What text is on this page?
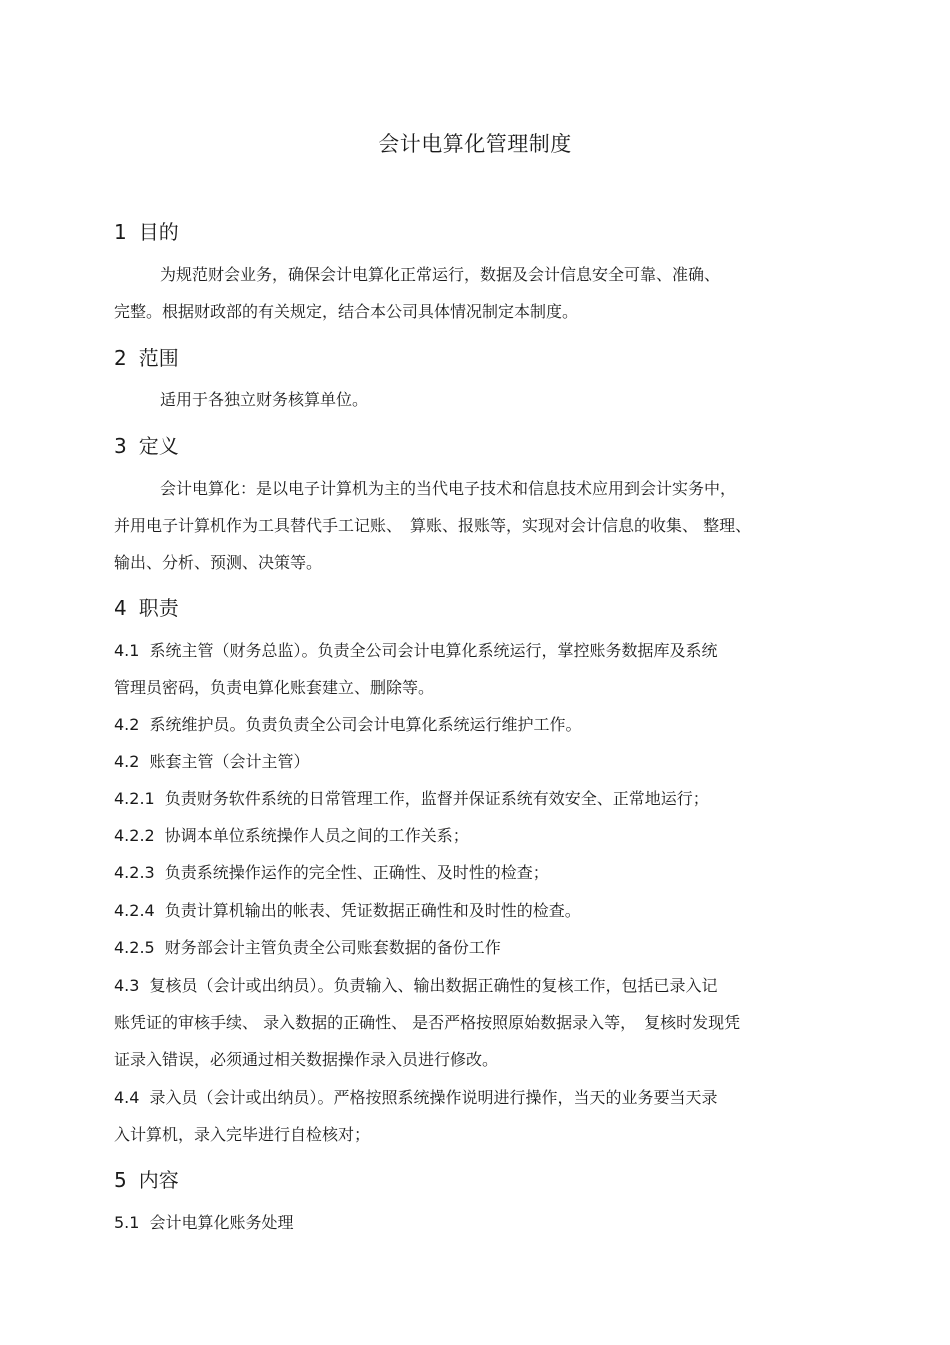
会计电算化管理制度
1 目的
为规范财会业务，确保会计电算化正常运行，数据及会计信息安全可靠、准确、
完整。根据财政部的有关规定，结合本公司具体情况制定本制度。
2 范围
适用于各独立财务核算单位。
3 定义
会计电算化：是以电子计算机为主的当代电子技术和信息技术应用到会计实务中，
并用电子计算机作为工具替代手工记账、　算账、报账等，实现对会计信息的收集、 整理、
输出、分析、预测、决策等。
4 职责
4.1 系统主管（财务总监）。负责全公司会计电算化系统运行，掌控账务数据库及系统
管理员密码，负责电算化账套建立、删除等。
4.2 系统维护员。负责负责全公司会计电算化系统运行维护工作。
4.2 账套主管（会计主管）
4.2.1 负责财务软件系统的日常管理工作，监督并保证系统有效安全、正常地运行；
4.2.2 协调本单位系统操作人员之间的工作关系；
4.2.3 负责系统操作运作的完全性、正确性、及时性的检查；
4.2.4 负责计算机输出的帐表、凭证数据正确性和及时性的检查。
4.2.5 财务部会计主管负责全公司账套数据的备份工作
4.3 复核员（会计或出纳员）。负责输入、输出数据正确性的复核工作，包括已录入记
账凭证的审核手续、 录入数据的正确性、 是否严格按照原始数据录入等，　复核时发现凭
证录入错误，必须通过相关数据操作录入员进行修改。
4.4 录入员（会计或出纳员）。严格按照系统操作说明进行操作，当天的业务要当天录
入计算机，录入完毕进行自检核对；
5 内容
5.1 会计电算化账务处理
